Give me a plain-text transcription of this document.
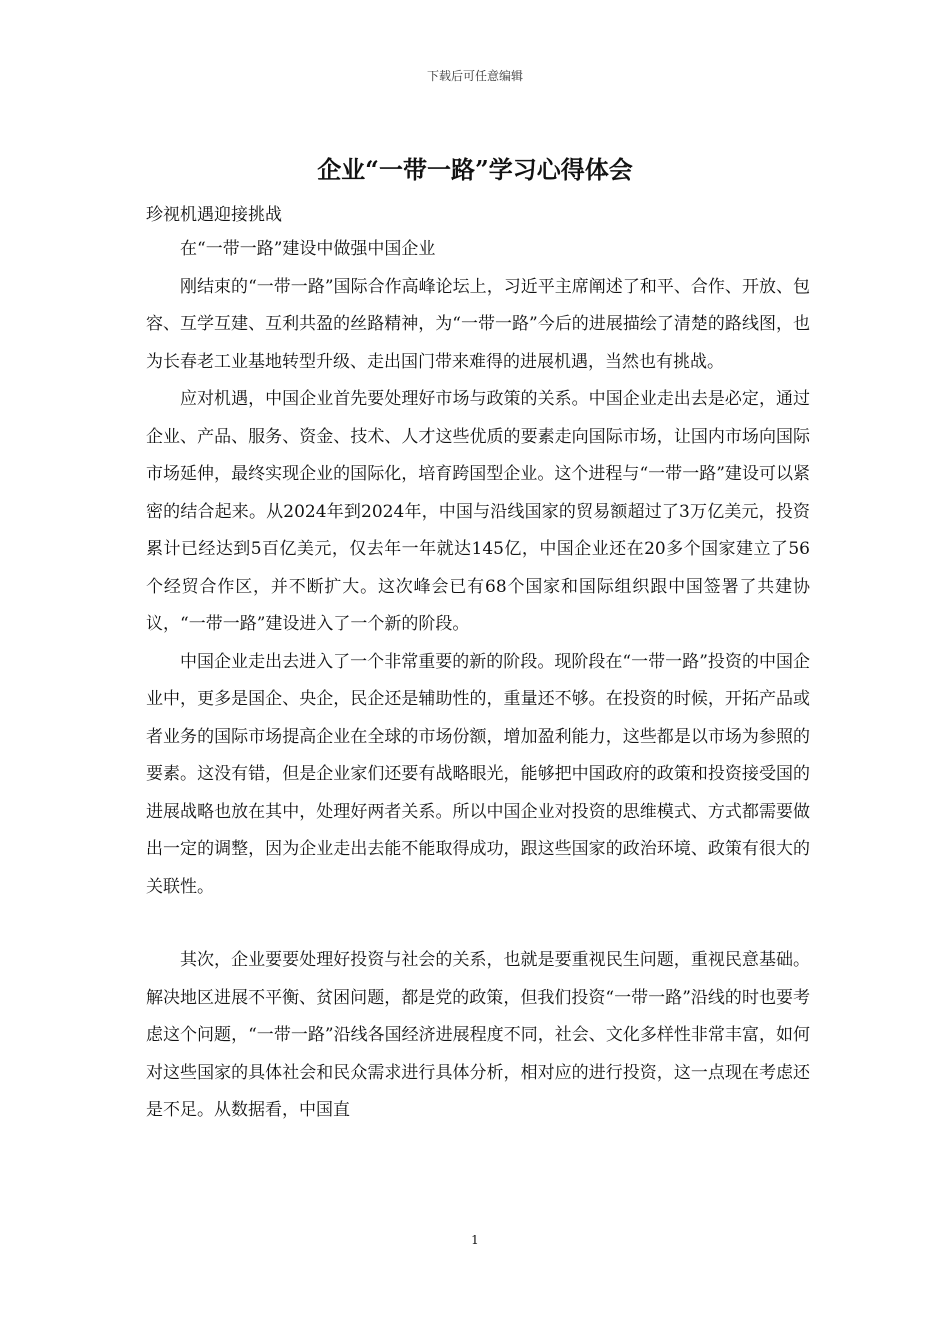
下载后可任意编辑
企业“一带一路”学习心得体会
珍视机遇迎接挑战

在“一带一路”建设中做强中国企业

刚结束的“一带一路”国际合作高峰论坛上，习近平主席阐述了和平、合作、开放、包容、互学互建、互利共盈的丝路精神，为“一带一路”今后的进展描绘了清楚的路线图，也为长春老工业基地转型升级、走出国门带来难得的进展机遇，当然也有挑战。

应对机遇，中国企业首先要处理好市场与政策的关系。中国企业走出去是必定，通过企业、产品、服务、资金、技术、人才这些优质的要素走向国际市场，让国内市场向国际市场延伸，最终实现企业的国际化，培育跨国型企业。这个进程与“一带一路”建设可以紧密的结合起来。从2024年到2024年，中国与沿线国家的贸易额超过了3万亿美元，投资累计已经达到5百亿美元，仅去年一年就达145亿，中国企业还在20多个国家建立了56个经贸合作区，并不断扩大。这次峰会已有68个国家和国际组织跟中国签署了共建协议，“一带一路”建设进入了一个新的阶段。

中国企业走出去进入了一个非常重要的新的阶段。现阶段在“一带一路”投资的中国企业中，更多是国企、央企，民企还是辅助性的，重量还不够。在投资的时候，开拓产品或者业务的国际市场提高企业在全球的市场份额，增加盈利能力，这些都是以市场为参照的要素。这没有错，但是企业家们还要有战略眼光，能够把中国政府的政策和投资接受国的进展战略也放在其中，处理好两者关系。所以中国企业对投资的思维模式、方式都需要做出一定的调整，因为企业走出去能不能取得成功，跟这些国家的政治环境、政策有很大的关联性。

其次，企业要要处理好投资与社会的关系，也就是要重视民生问题，重视民意基础。解决地区进展不平衡、贫困问题，都是党的政策，但我们投资“一带一路”沿线的时也要考虑这个问题，“一带一路”沿线各国经济进展程度不同，社会、文化多样性非常丰富，如何对这些国家的具体社会和民众需求进行具体分析，相对应的进行投资，这一点现在考虑还是不足。从数据看，中国直

1
